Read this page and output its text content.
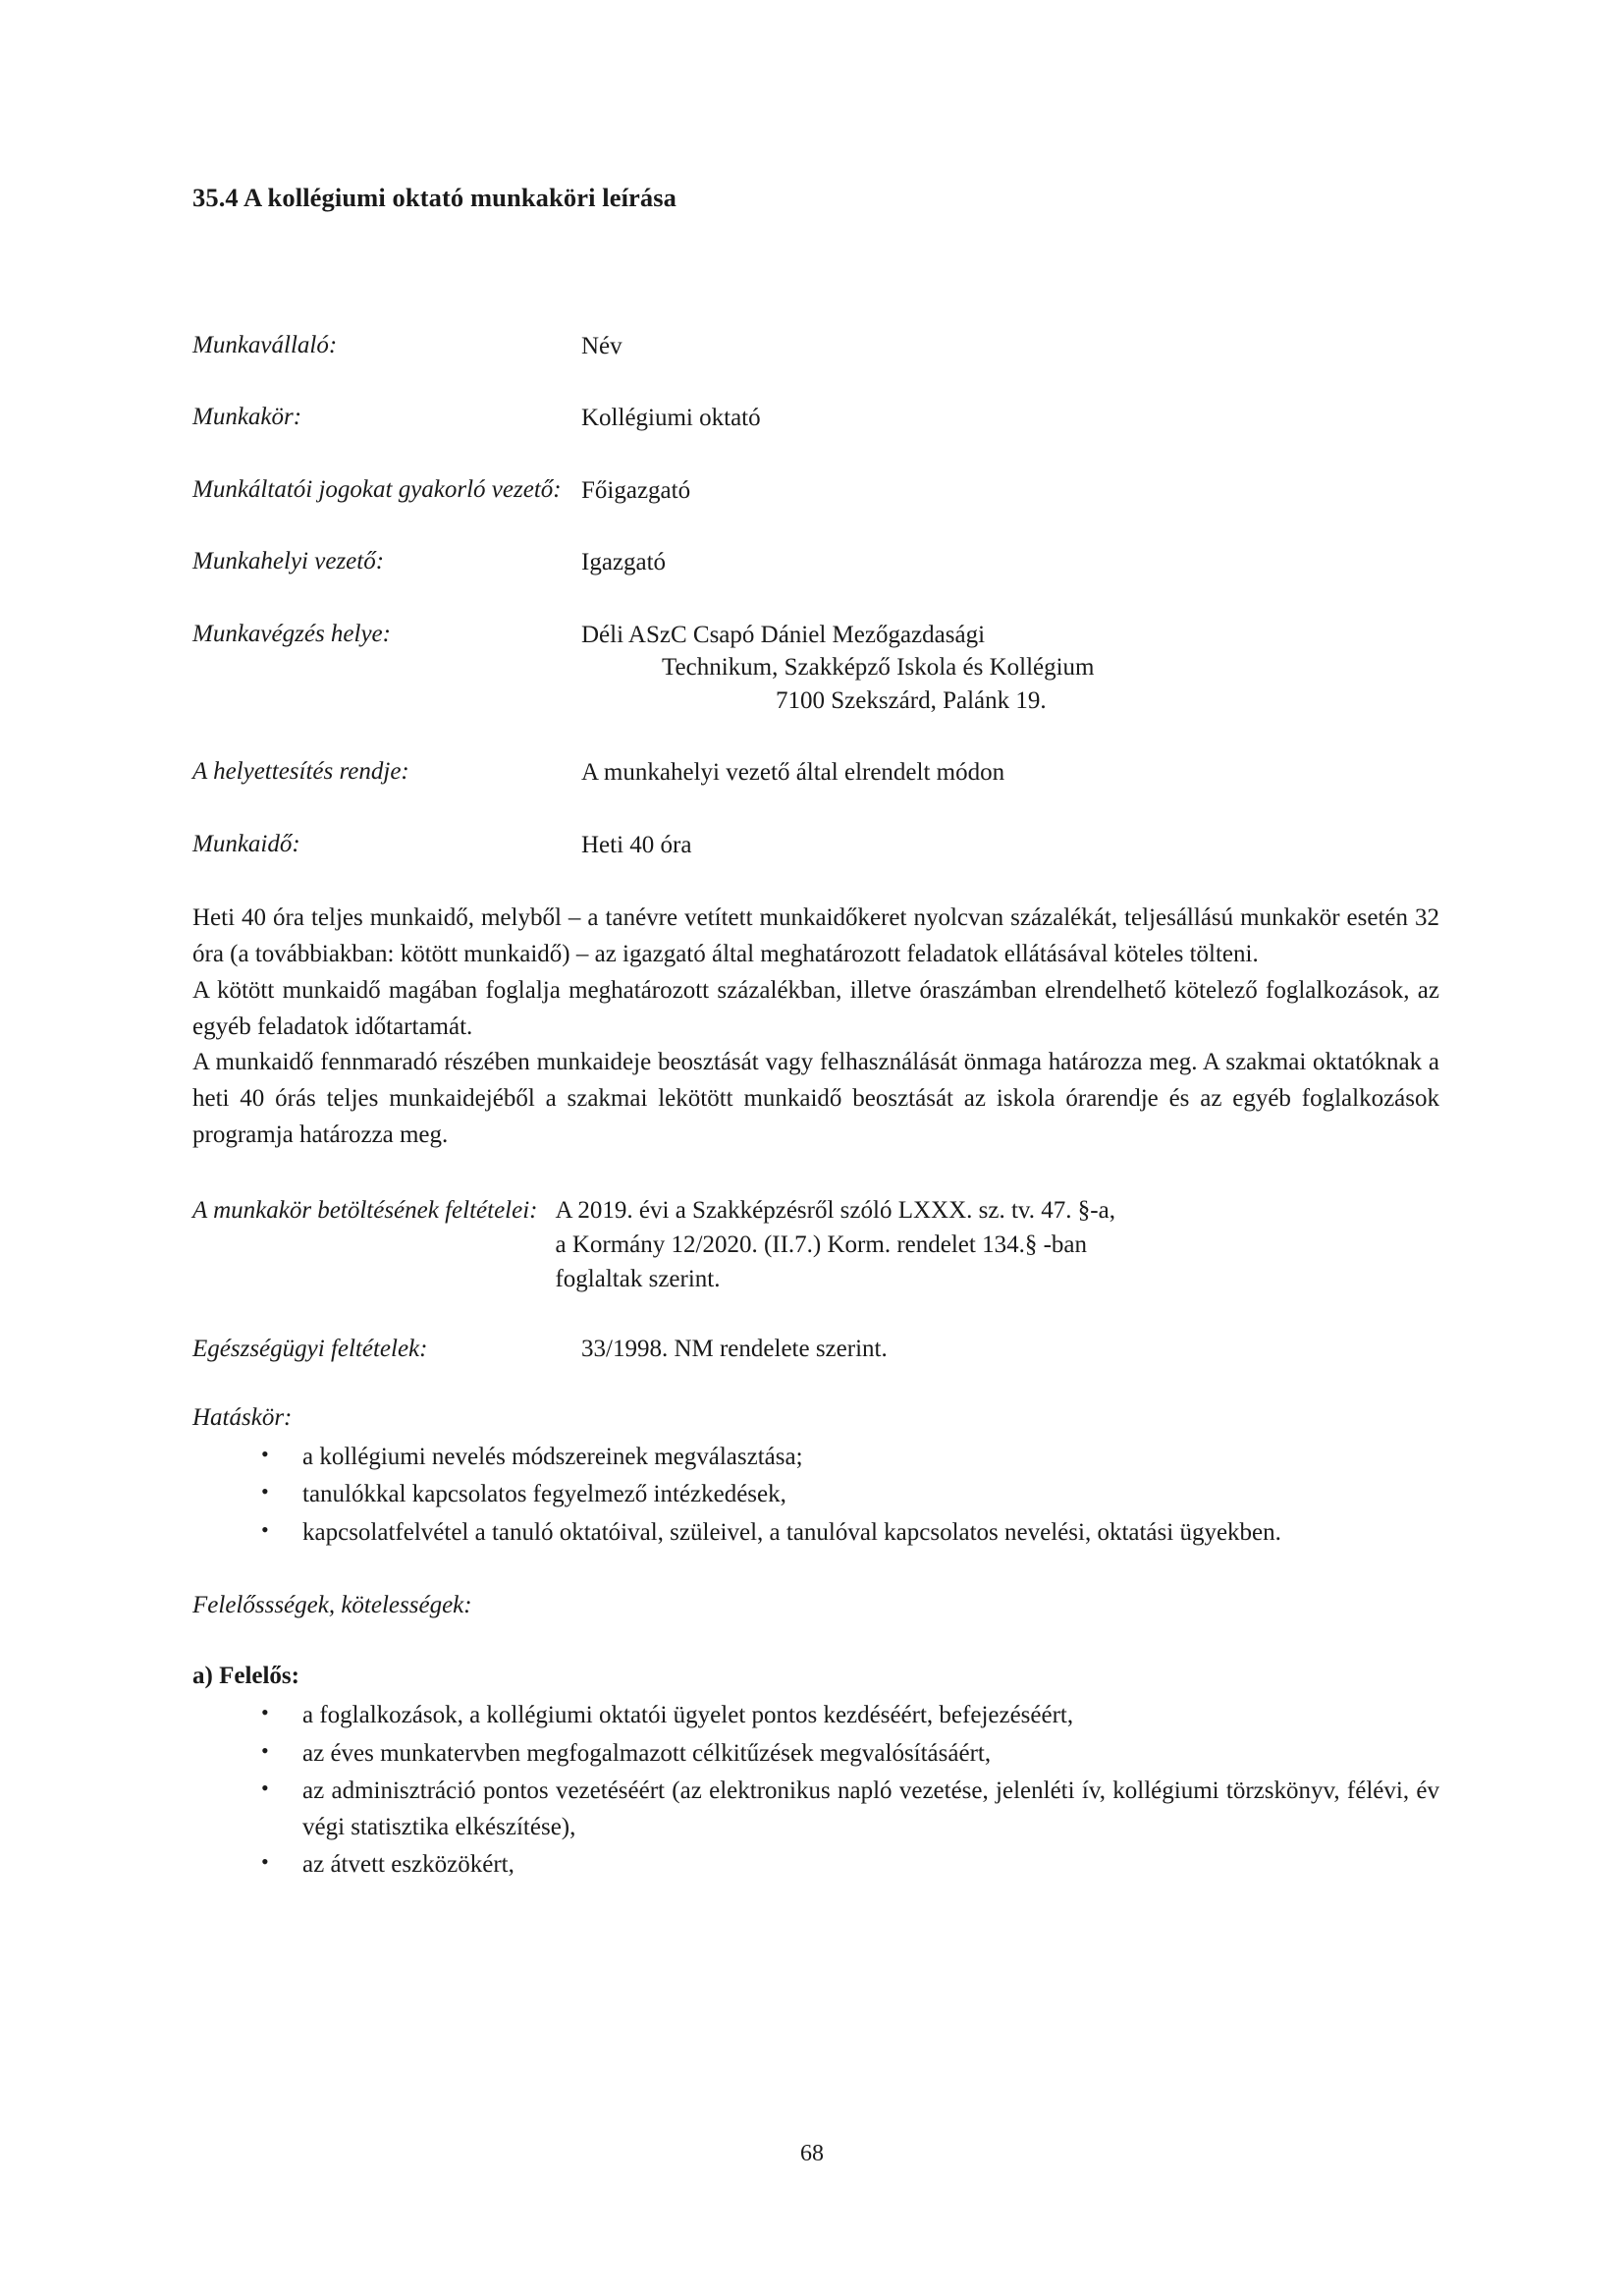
35.4 A kollégiumi oktató munkaköri leírása
Munkavállaló:	Név
Munkakör:	Kollégiumi oktató
Munkáltatói jogokat gyakorló vezető: Főigazgató
Munkahelyi vezető:	Igazgató
Munkavégzés helye:	Déli ASzC Csapó Dániel Mezőgazdasági
Technikum, Szakképző Iskola és Kollégium
7100 Szekszárd, Palánk 19.
A helyettesítés rendje:	A munkahelyi vezető által elrendelt módon
Munkaidő:	Heti 40 óra

Heti 40 óra teljes munkaidő, melyből – a tanévre vetített munkaidőkeret nyolcvan százalékát, teljesállású munkakör esetén 32 óra (a továbbiakban: kötött munkaidő) – az igazgató által meghatározott feladatok ellátásával köteles tölteni.

A kötött munkaidő magában foglalja meghatározott százalékban, illetve óraszámban elrendelhető kötelező foglalkozások, az egyéb feladatok időtartamát.

A munkaidő fennmaradó részében munkaideje beosztását vagy felhasználását önmaga határozza meg. A szakmai oktatóknak a heti 40 órás teljes munkaidejéből a szakmai lekötött munkaidő beosztását az iskola órarendje és az egyéb foglalkozások programja határozza meg.

A munkakör betöltésének feltételei: A 2019. évi a Szakképzésről szóló LXXX. sz. tv. 47. §-a,
a Kormány 12/2020. (II.7.) Korm. rendelet 134.§ -ban
foglaltak szerint.
Egészségügyi feltételek:	33/1998. NM rendelete szerint.
Hatáskör:
• a kollégiumi nevelés módszereinek megválasztása;
• tanulókkal kapcsolatos fegyelmező intézkedések,
• kapcsolatfelvétel a tanuló oktatóival, szüleivel, a tanulóval kapcsolatos nevelési, oktatási ügyekben.
Felelőssségek, kötelességek:
a) Felelős:
• a foglalkozások, a kollégiumi oktatói ügyelet pontos kezdéséért, befejezéséért,
• az éves munkatervben megfogalmazott célkitűzések megvalósításáért,
• az adminisztráció pontos vezetéséért (az elektronikus napló vezetése, jelenléti ív, kollégiumi törzskönyv, félévi, év végi statisztika elkészítése),
• az átvett eszközökért,
68
